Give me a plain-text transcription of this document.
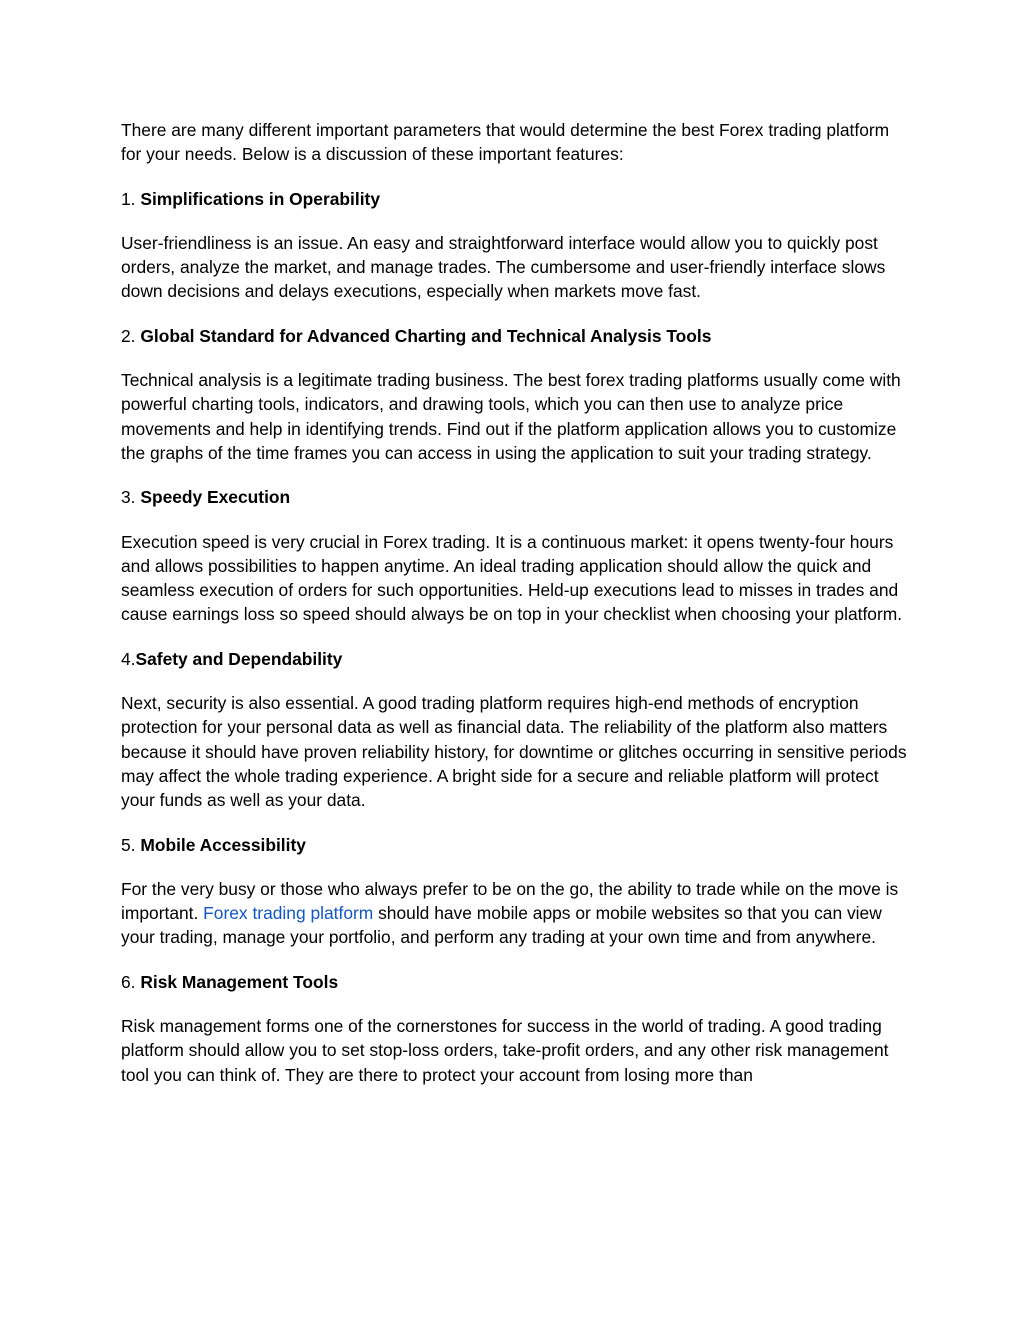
There are many different important parameters that would determine the best Forex trading platform for your needs. Below is a discussion of these important features:

1. Simplifications in Operability

User-friendliness is an issue. An easy and straightforward interface would allow you to quickly post orders, analyze the market, and manage trades. The cumbersome and user-friendly interface slows down decisions and delays executions, especially when markets move fast.

2. Global Standard for Advanced Charting and Technical Analysis Tools

Technical analysis is a legitimate trading business. The best forex trading platforms usually come with powerful charting tools, indicators, and drawing tools, which you can then use to analyze price movements and help in identifying trends. Find out if the platform application allows you to customize the graphs of the time frames you can access in using the application to suit your trading strategy.

3. Speedy Execution

Execution speed is very crucial in Forex trading. It is a continuous market: it opens twenty-four hours and allows possibilities to happen anytime. An ideal trading application should allow the quick and seamless execution of orders for such opportunities. Held-up executions lead to misses in trades and cause earnings loss so speed should always be on top in your checklist when choosing your platform.

4.Safety and Dependability

Next, security is also essential. A good trading platform requires high-end methods of encryption protection for your personal data as well as financial data. The reliability of the platform also matters because it should have proven reliability history, for downtime or glitches occurring in sensitive periods may affect the whole trading experience. A bright side for a secure and reliable platform will protect your funds as well as your data.

5. Mobile Accessibility

For the very busy or those who always prefer to be on the go, the ability to trade while on the move is important. Forex trading platform should have mobile apps or mobile websites so that you can view your trading, manage your portfolio, and perform any trading at your own time and from anywhere.

6. Risk Management Tools

Risk management forms one of the cornerstones for success in the world of trading. A good trading platform should allow you to set stop-loss orders, take-profit orders, and any other risk management tool you can think of. They are there to protect your account from losing more than
